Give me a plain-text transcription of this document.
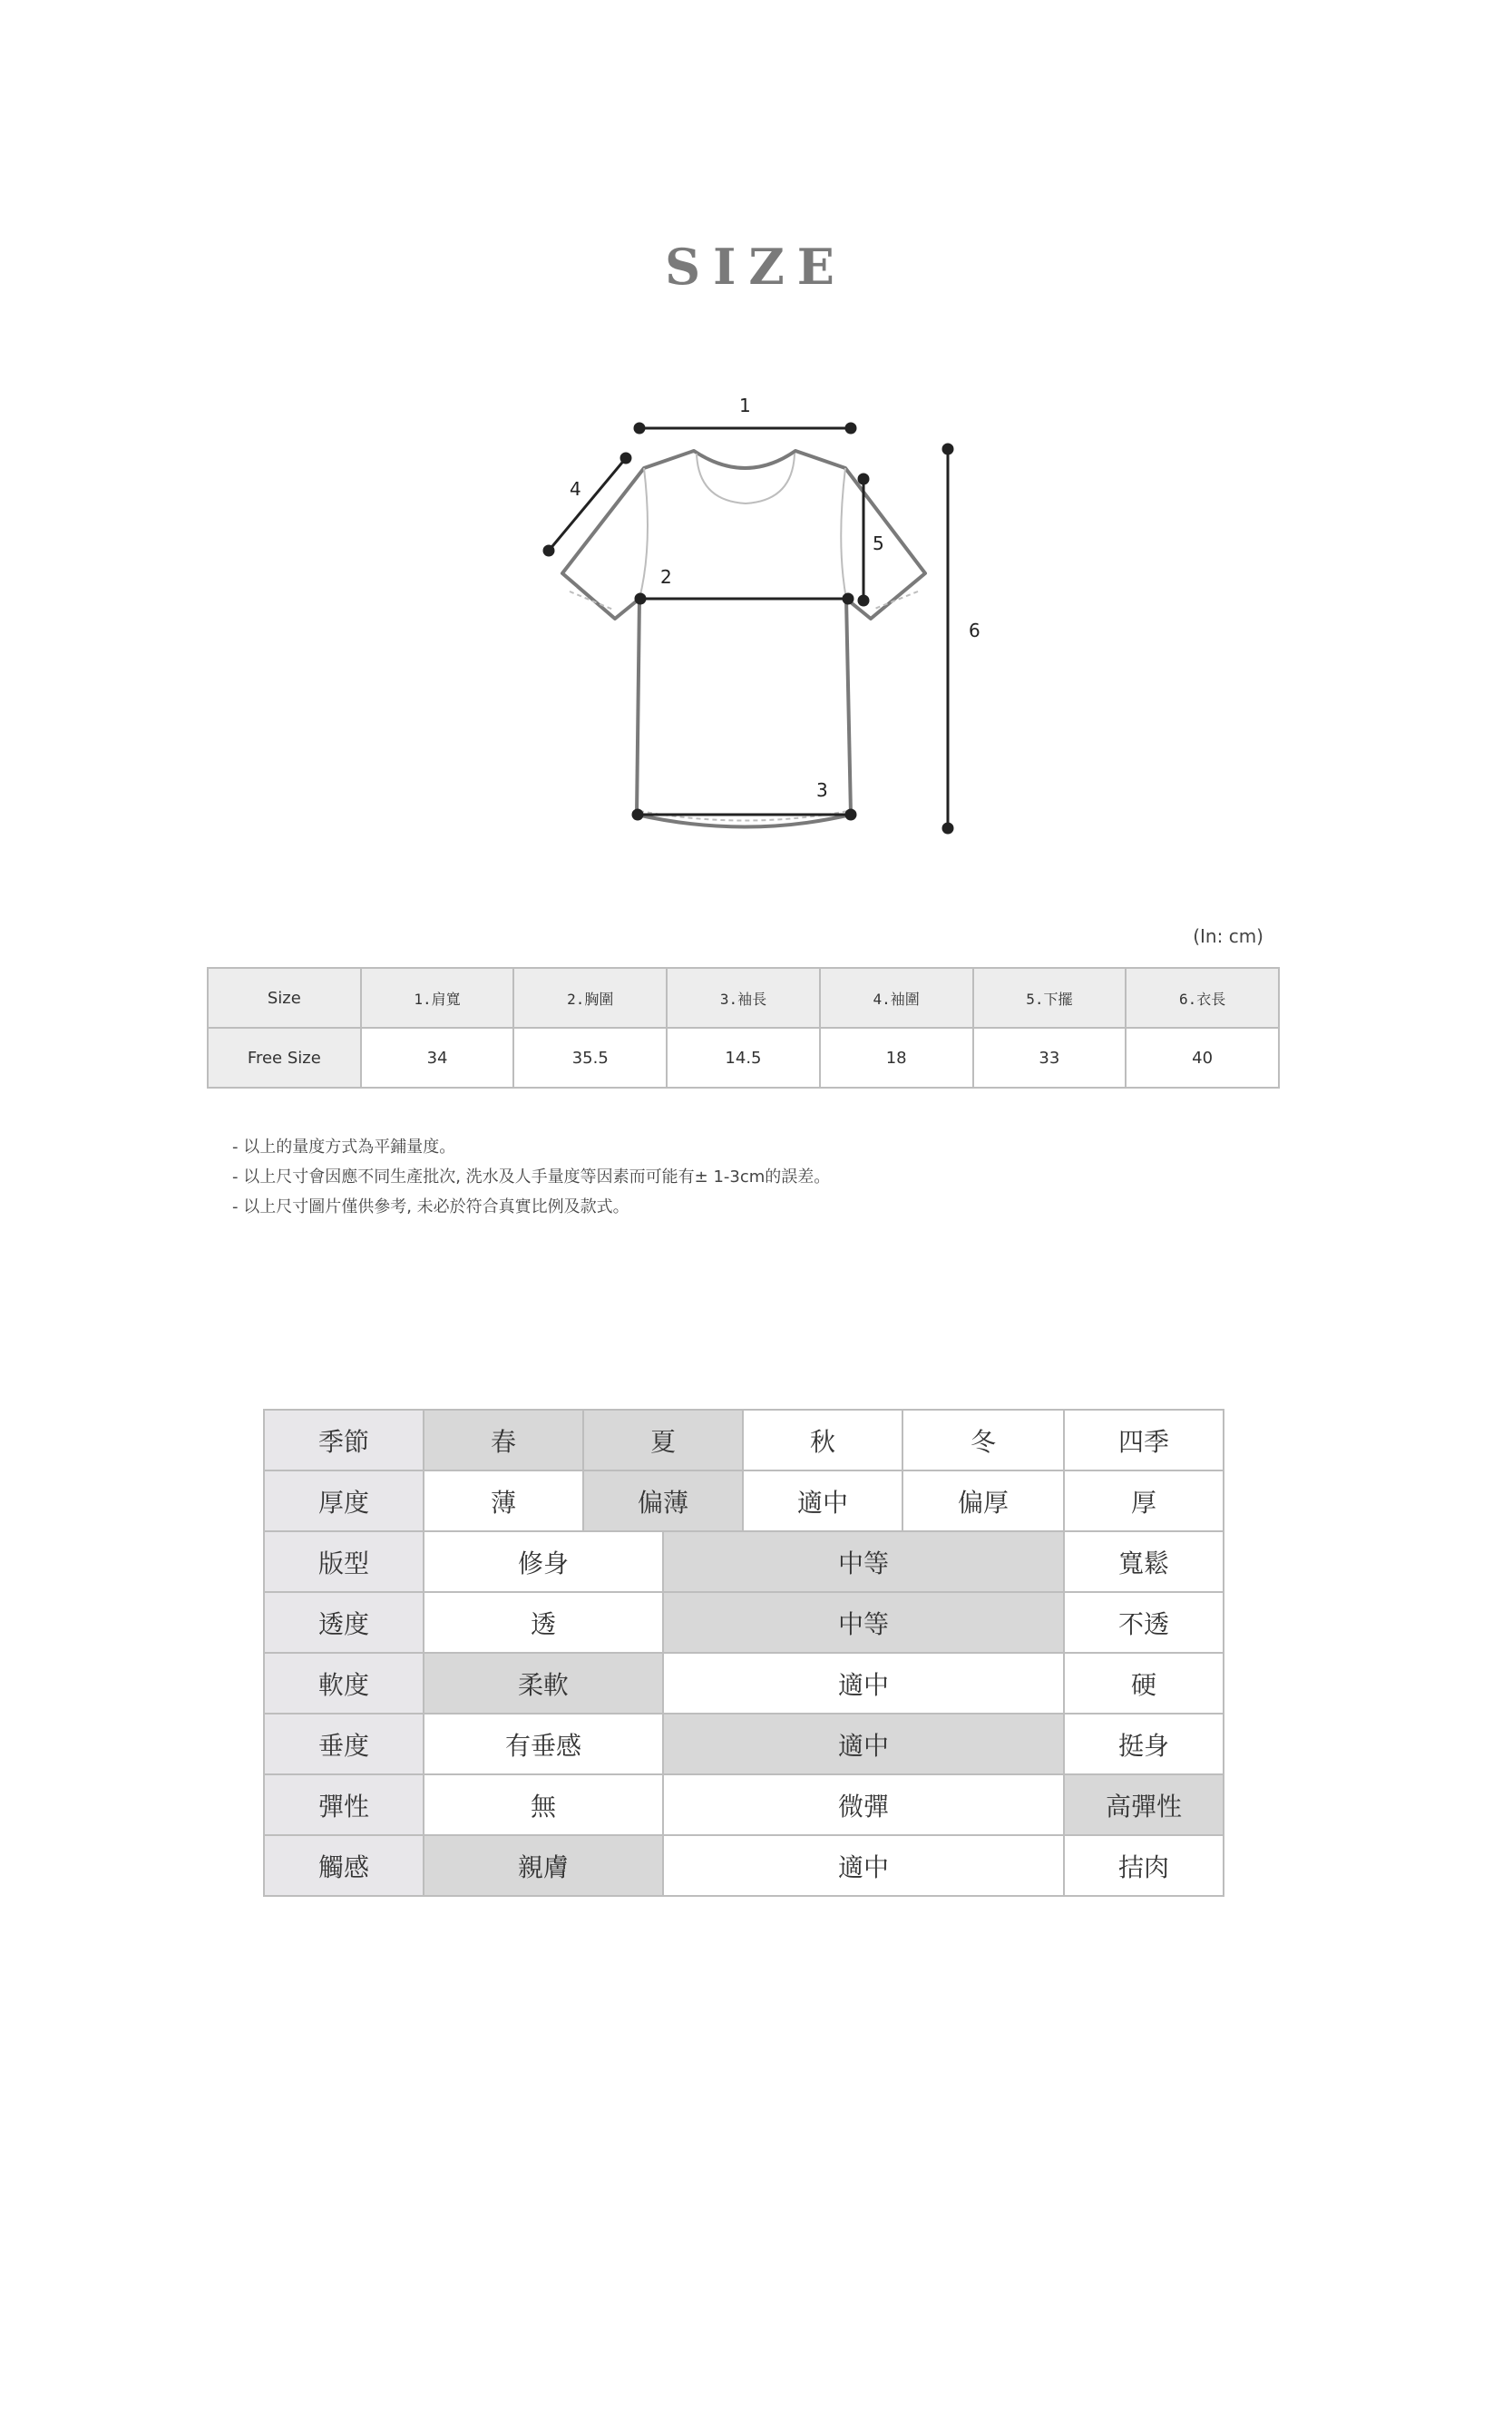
SIZE
1
2
3
4
5
6
(In: cm)
Size	1.肩寬	2.胸圍	3.袖長	4.袖圍	5.下擺	6.衣長
Free Size	34	35.5	14.5	18	33	40
- 以上的量度方式為平鋪量度。
- 以上尺寸會因應不同生產批次, 洗水及人手量度等因素而可能有± 1-3cm的誤差。
- 以上尺寸圖片僅供參考, 未必於符合真實比例及款式。
季節	春	夏		秋	冬	四季
厚度	薄	偏薄		適中	偏厚	厚
版型	修身		中等			寬鬆
透度	透		中等			不透
軟度	柔軟		適中			硬
垂度	有垂感		適中			挺身
彈性	無		微彈			高彈性
觸感	親膚		適中			拮肉
